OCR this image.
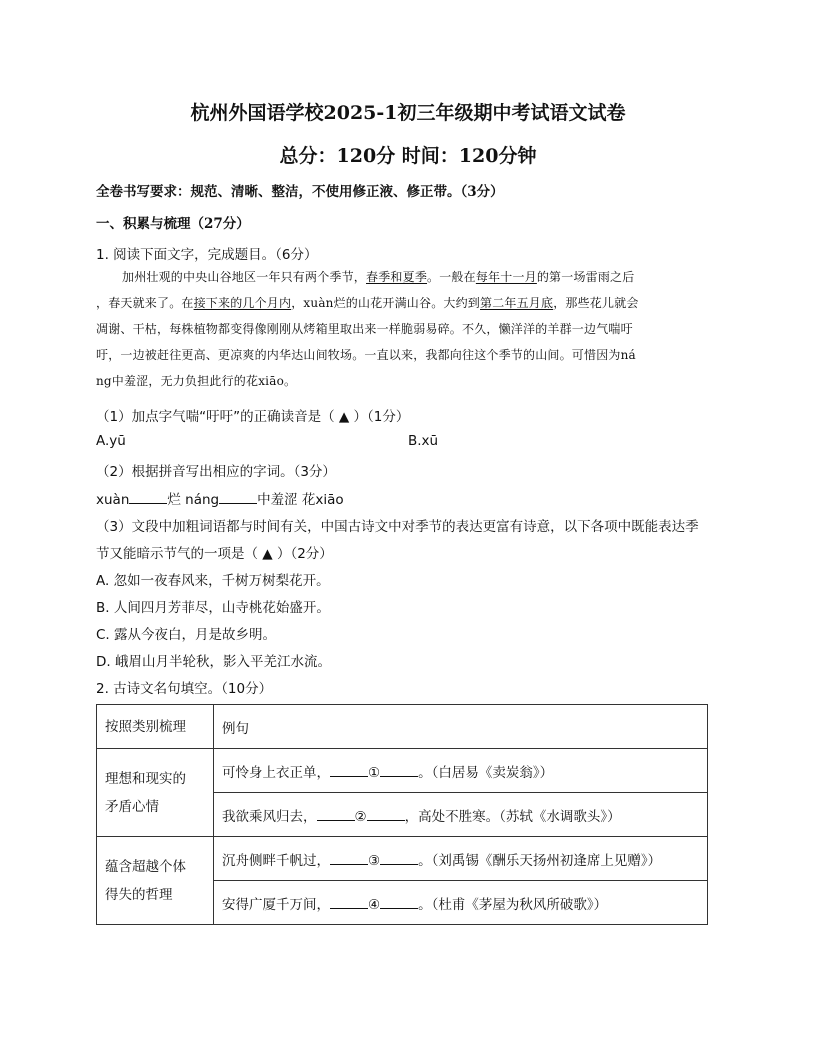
杭州外国语学校2025-1初三年级期中考试语文试卷
总分：120分 时间：120分钟
全卷书写要求：规范、清晰、整洁，不使用修正液、修正带。（3分）
一、积累与梳理（27分）
1. 阅读下面文字，完成题目。（6分）

加州壮观的中央山谷地区一年只有两个季节，春季和夏季。一般在每年十一月的第一场雷雨之后

，春天就来了。在接下来的几个月内，xuàn烂的山花开满山谷。大约到第二年五月底，那些花儿就会

凋谢、干枯，每株植物都变得像刚刚从烤箱里取出来一样脆弱易碎。不久，懒洋洋的羊群一边气喘吁

吁，一边被赶往更高、更凉爽的内华达山间牧场。一直以来，我都向往这个季节的山间。可惜因为ná

ng中羞涩，无力负担此行的花xiāo。

（1）加点字气喘“吁吁”的正确读音是（ ▲ ）（1分）
A.yū	B.xū
（2）根据拼音写出相应的字词。（3分）
xuàn	烂 náng	中羞涩 花xiāo
（3）文段中加粗词语都与时间有关，中国古诗文中对季节的表达更富有诗意，以下各项中既能表达季
节又能暗示节气的一项是（ ▲ ）（2分）
A. 忽如一夜春风来，千树万树梨花开。
B. 人间四月芳菲尽，山寺桃花始盛开。
C. 露从今夜白，月是故乡明。
D. 峨眉山月半轮秋，影入平羌江水流。
2. 古诗文名句填空。（10分）
按照类别梳理	例句
理想和现实的
矛盾心情	可怜身上衣正单， ① 。（白居易《卖炭翁》）
	我欲乘风归去， ② ，高处不胜寒。（苏轼《水调歌头》）
蕴含超越个体
得失的哲理	沉舟侧畔千帆过， ③ 。（刘禹锡《酬乐天扬州初逢席上见赠》）
	安得广厦千万间， ④ 。（杜甫《茅屋为秋风所破歌》）
